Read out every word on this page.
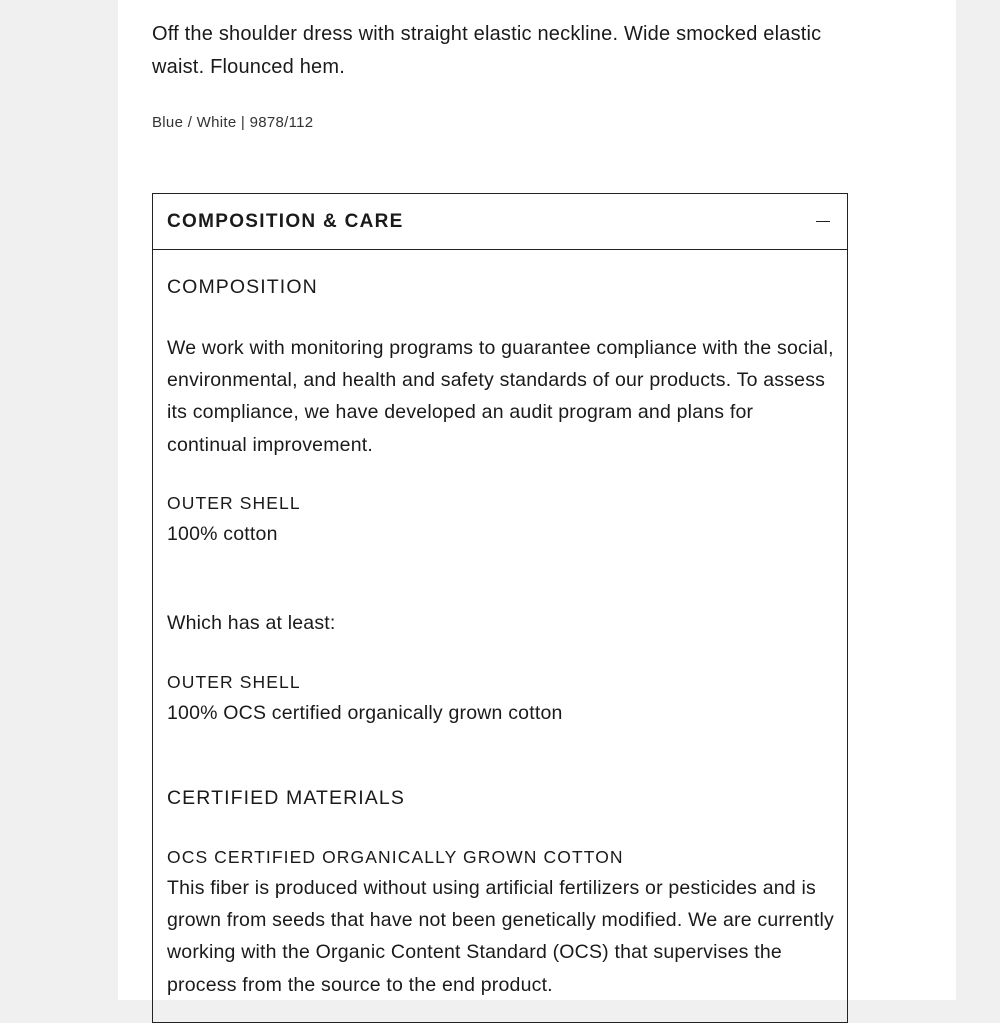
Off the shoulder dress with straight elastic neckline. Wide smocked elastic waist. Flounced hem.
Blue / White | 9878/112
COMPOSITION & CARE
COMPOSITION
We work with monitoring programs to guarantee compliance with the social, environmental, and health and safety standards of our products. To assess its compliance, we have developed an audit program and plans for continual improvement.
OUTER SHELL
100% cotton
Which has at least:
OUTER SHELL
100% OCS certified organically grown cotton
CERTIFIED MATERIALS
OCS CERTIFIED ORGANICALLY GROWN COTTON
This fiber is produced without using artificial fertilizers or pesticides and is grown from seeds that have not been genetically modified. We are currently working with the Organic Content Standard (OCS) that supervises the process from the source to the end product.
